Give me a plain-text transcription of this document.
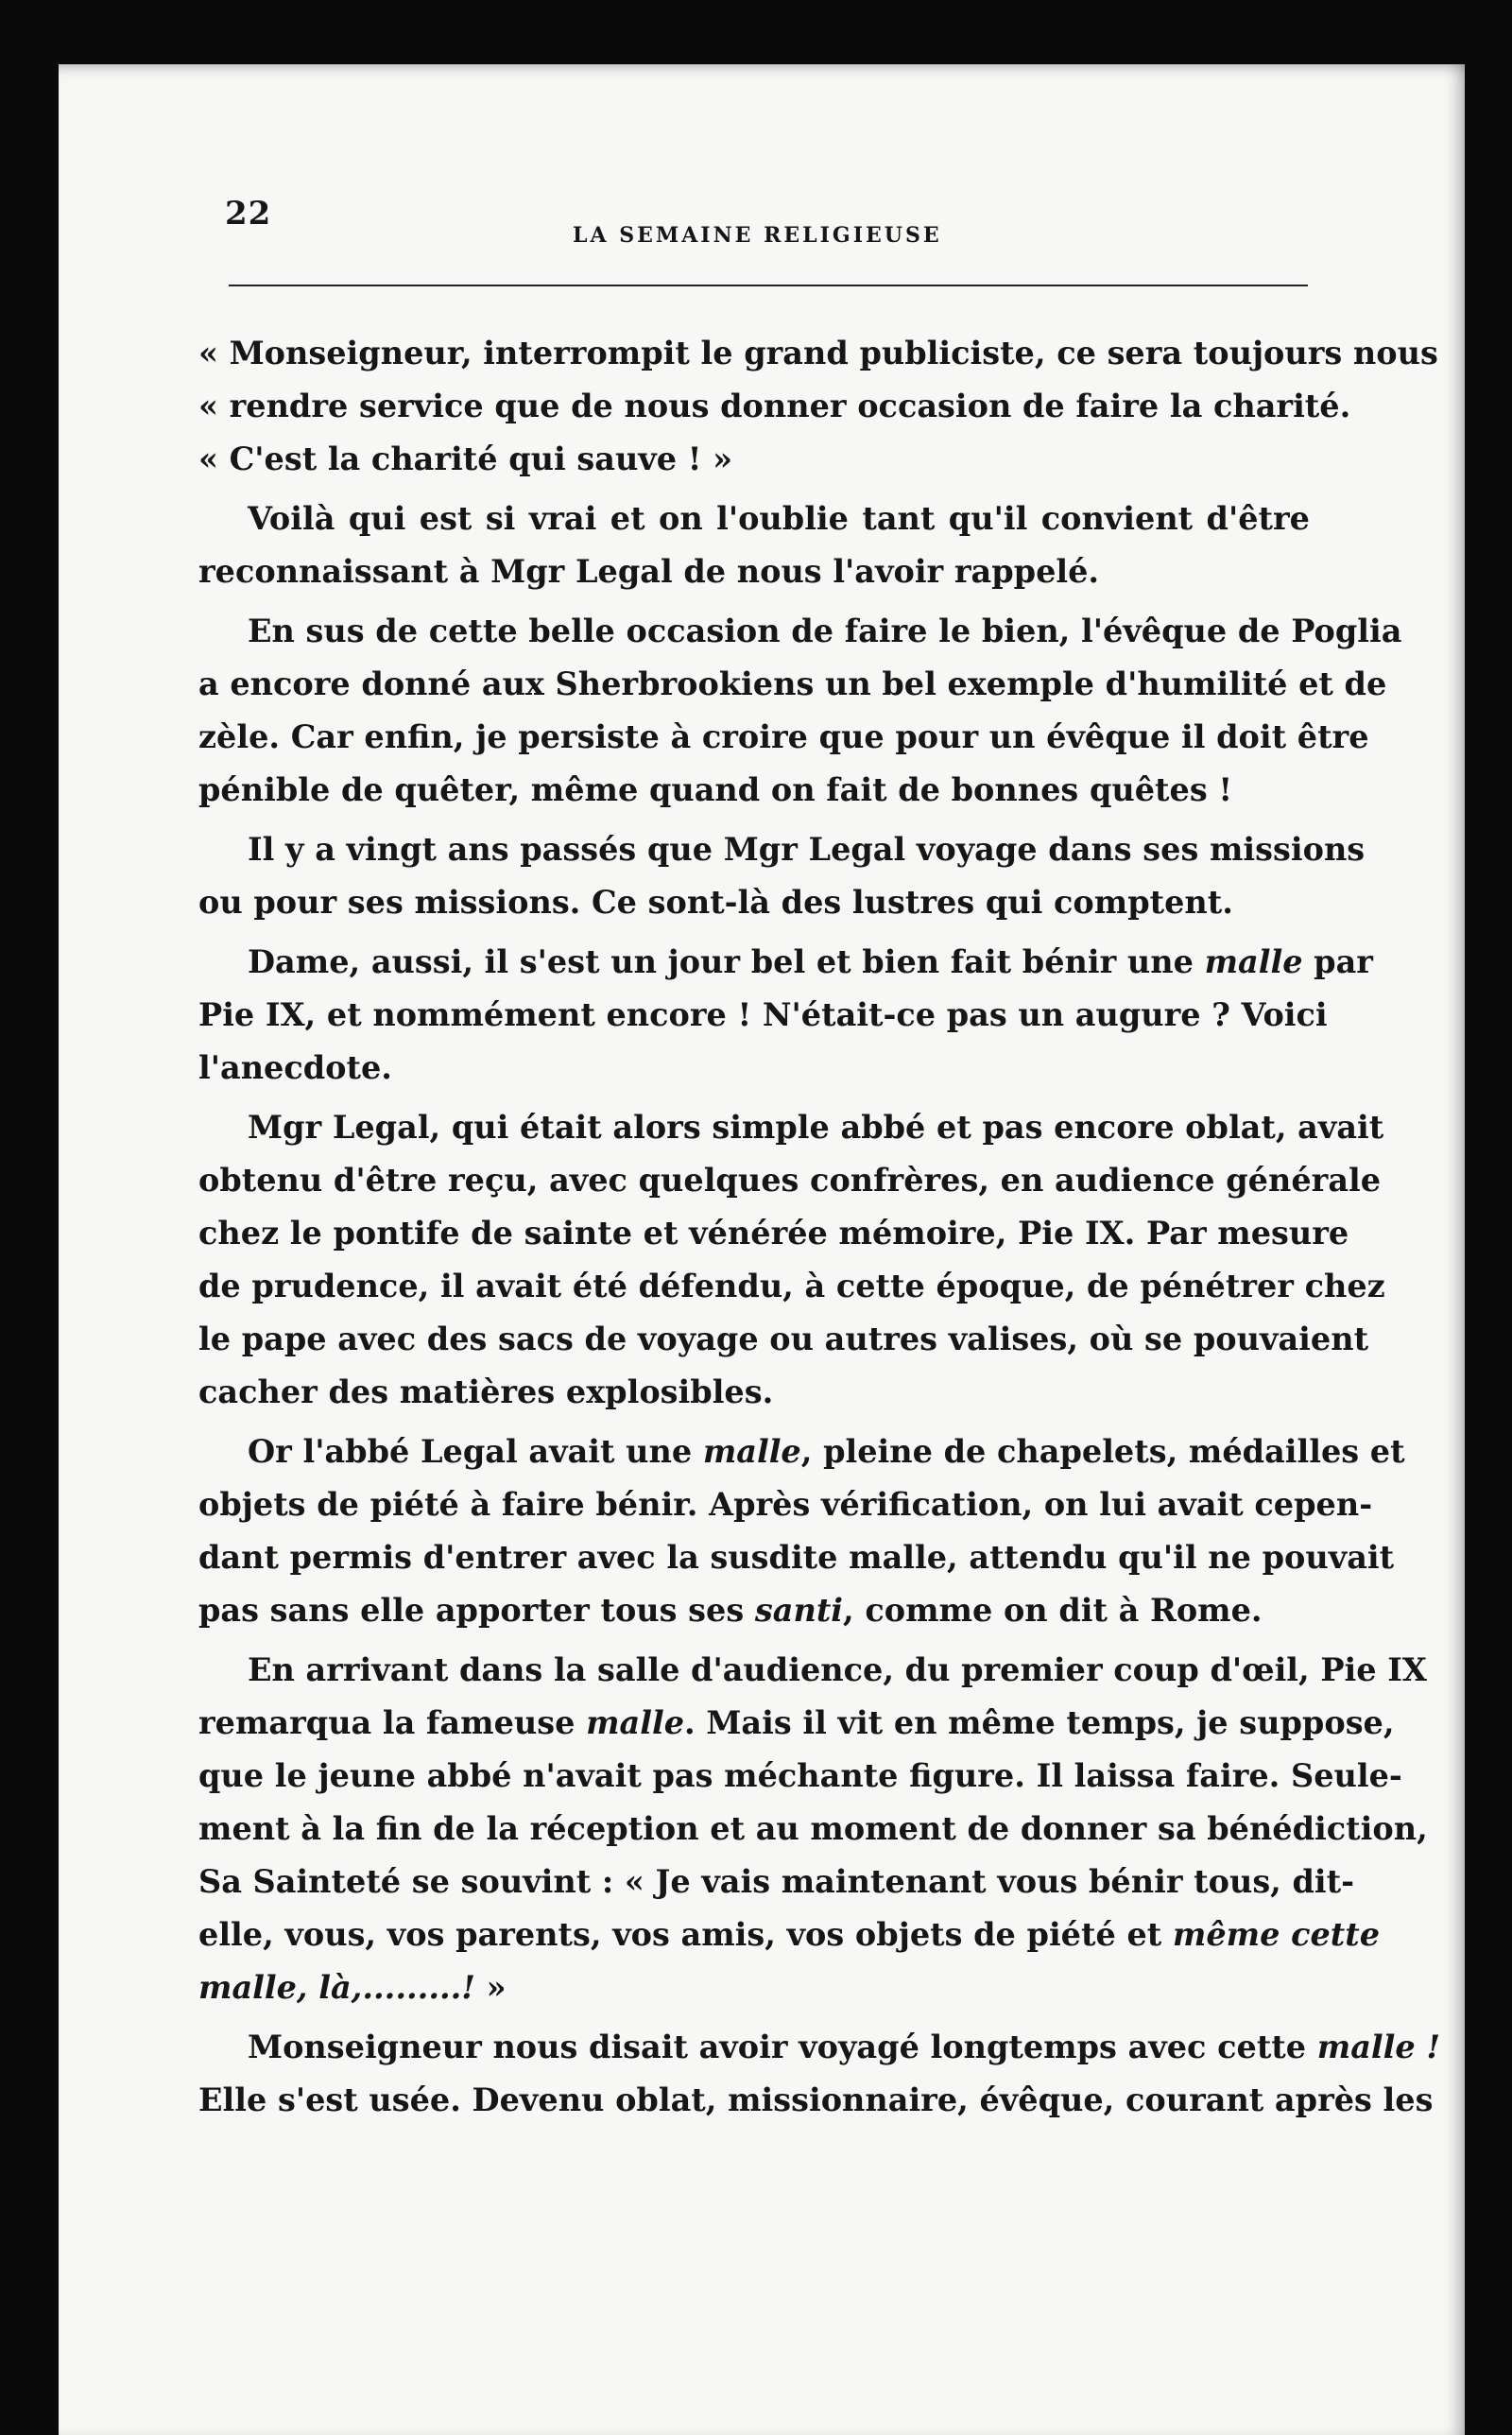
22
LA SEMAINE RELIGIEUSE
« Monseigneur, interrompit le grand publiciste, ce sera toujours nous
« rendre service que de nous donner occasion de faire la charité.
« C'est la charité qui sauve ! »
Voilà qui est si vrai et on l'oublie tant qu'il convient d'être
reconnaissant à Mgr Legal de nous l'avoir rappelé.
En sus de cette belle occasion de faire le bien, l'évêque de Poglia
a encore donné aux Sherbrookiens un bel exemple d'humilité et de
zèle. Car enfin, je persiste à croire que pour un évêque il doit être
pénible de quêter, même quand on fait de bonnes quêtes !
Il y a vingt ans passés que Mgr Legal voyage dans ses missions
ou pour ses missions. Ce sont-là des lustres qui comptent.
Dame, aussi, il s'est un jour bel et bien fait bénir une malle par
Pie IX, et nommément encore ! N'était-ce pas un augure ? Voici
l'anecdote.
Mgr Legal, qui était alors simple abbé et pas encore oblat, avait
obtenu d'être reçu, avec quelques confrères, en audience générale
chez le pontife de sainte et vénérée mémoire, Pie IX. Par mesure
de prudence, il avait été défendu, à cette époque, de pénétrer chez
le pape avec des sacs de voyage ou autres valises, où se pouvaient
cacher des matières explosibles.
Or l'abbé Legal avait une malle, pleine de chapelets, médailles et
objets de piété à faire bénir. Après vérification, on lui avait cepen-
dant permis d'entrer avec la susdite malle, attendu qu'il ne pouvait
pas sans elle apporter tous ses santi, comme on dit à Rome.
En arrivant dans la salle d'audience, du premier coup d'œil, Pie IX
remarqua la fameuse malle. Mais il vit en même temps, je suppose,
que le jeune abbé n'avait pas méchante figure. Il laissa faire. Seule-
ment à la fin de la réception et au moment de donner sa bénédiction,
Sa Sainteté se souvint : « Je vais maintenant vous bénir tous, dit-
elle, vous, vos parents, vos amis, vos objets de piété et même cette
malle, là,.........! »
Monseigneur nous disait avoir voyagé longtemps avec cette malle !
Elle s'est usée. Devenu oblat, missionnaire, évêque, courant après les
